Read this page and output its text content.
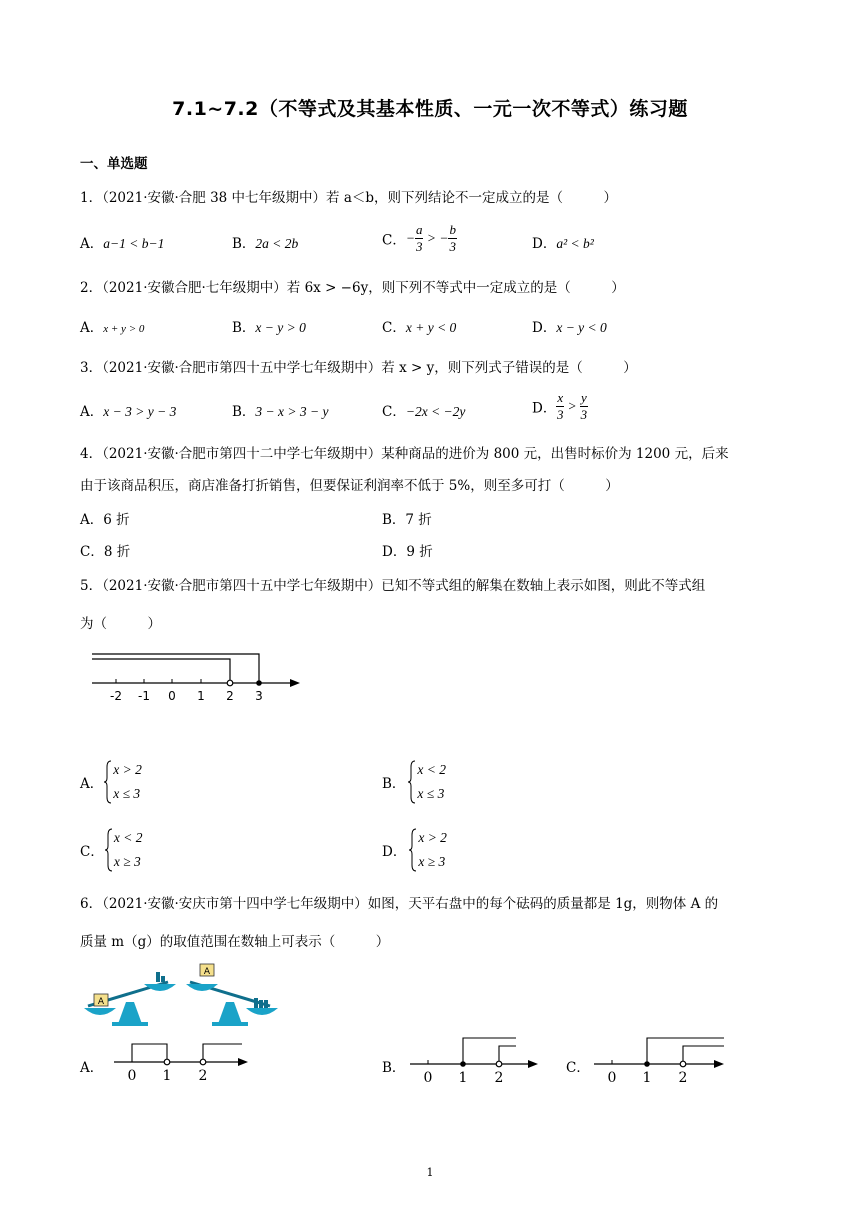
7.1~7.2（不等式及其基本性质、一元一次不等式）练习题
一、单选题
1．（2021·安徽·合肥 38 中七年级期中）若 a＜b，则下列结论不一定成立的是（　　　）
A．a−1 < b−1	B．2a < 2b	C．− $\frac{a}{3}$ > − $\frac{b}{3}$	D．a² < b²
2．（2021·安徽合肥·七年级期中）若 6x > −6y，则下列不等式中一定成立的是（　　　）
A．x + y > 0	B．x − y > 0	C．x + y < 0	D．x − y < 0
3．（2021·安徽·合肥市第四十五中学七年级期中）若 x > y，则下列式子错误的是（　　　）
A．x − 3 > y − 3	B．3 − x > 3 − y	C．−2x < −2y	D． $\frac{x}{3} > \frac{y}{3}$
4．（2021·安徽·合肥市第四十二中学七年级期中）某种商品的进价为 800 元，出售时标价为 1200 元，后来
由于该商品积压，商店准备打折销售，但要保证利润率不低于 5%，则至多可打（　　　）
A．6 折	B．7 折
C．8 折	D．9 折
5．（2021·安徽·合肥市第四十五中学七年级期中）已知不等式组的解集在数轴上表示如图，则此不等式组
为（　　　）
-2 -1 0 1 2 3
A．
x > 2
x ≤ 3
B．
x < 2
x ≤ 3
C．
x < 2
x ≥ 3
D．
x > 2
x ≥ 3
6．（2021·安徽·安庆市第十四中学七年级期中）如图，天平右盘中的每个砝码的质量都是 1g，则物体 A 的
质量 m（g）的取值范围在数轴上可表示（　　　）
A
A
A． 0 1 2	B．
0 1 2
C．
0 1 2
1
